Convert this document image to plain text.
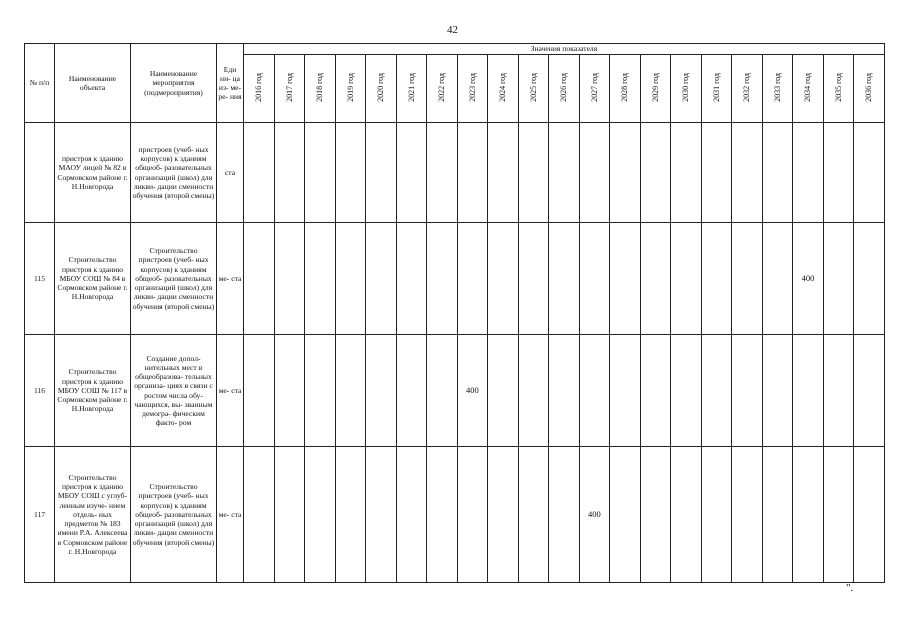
42
№ п/п	Наименование объекта	Наименование мероприятия (подмероприятия)	Еди ни- ца из- ме- ре- ния	Значения показателя																				
				2016 год	2017 год	2018 год	2019 год	2020 год	2021 год	2022 год	2023 год	2024 год	2025 год	2026 год	2027 год	2028 год	2029 год	2030 год	2031 год	2032 год	2033 год	2034 год	2035 год	2036 год
	пристроя к зданию МАОУ лицей № 82 в Сормовском районе г. Н.Новгорода	пристроев (учеб- ных корпусов) к зданиям общеоб- разовательных организаций (школ) для ликви- дации сменности обучения (второй смены)	ста																					
115	Строительство пристроя к зданию МБОУ СОШ № 84 в Сормовском районе г. Н.Новгорода	Строительство пристроев (учеб- ных корпусов) к зданиям общеоб- разовательных организаций (школ) для ликви- дации сменности обучения (второй смены)	ме- ста																			400		
116	Строительство пристроя к зданию МБОУ СОШ № 117 в Сормовском районе г. Н.Новгорода	Создание допол- нительных мест в общеобразова- тельных организа- циях в связи с ростом числа обу- чающихся, вы- званным демогра- фическим факто- ром	ме- ста								400													
117	Строительство пристроя к зданию МБОУ СОШ с углуб- ленным изуче- нием отдель- ных предметов № 183 имени Р.А. Алексеева в Сормовском районе г. Н.Новгорода	Строительство пристроев (учеб- ных корпусов) к зданиям общеоб- разовательных организаций (школ) для ликви- дации сменности обучения (второй смены)	ме- ста												400									
".
